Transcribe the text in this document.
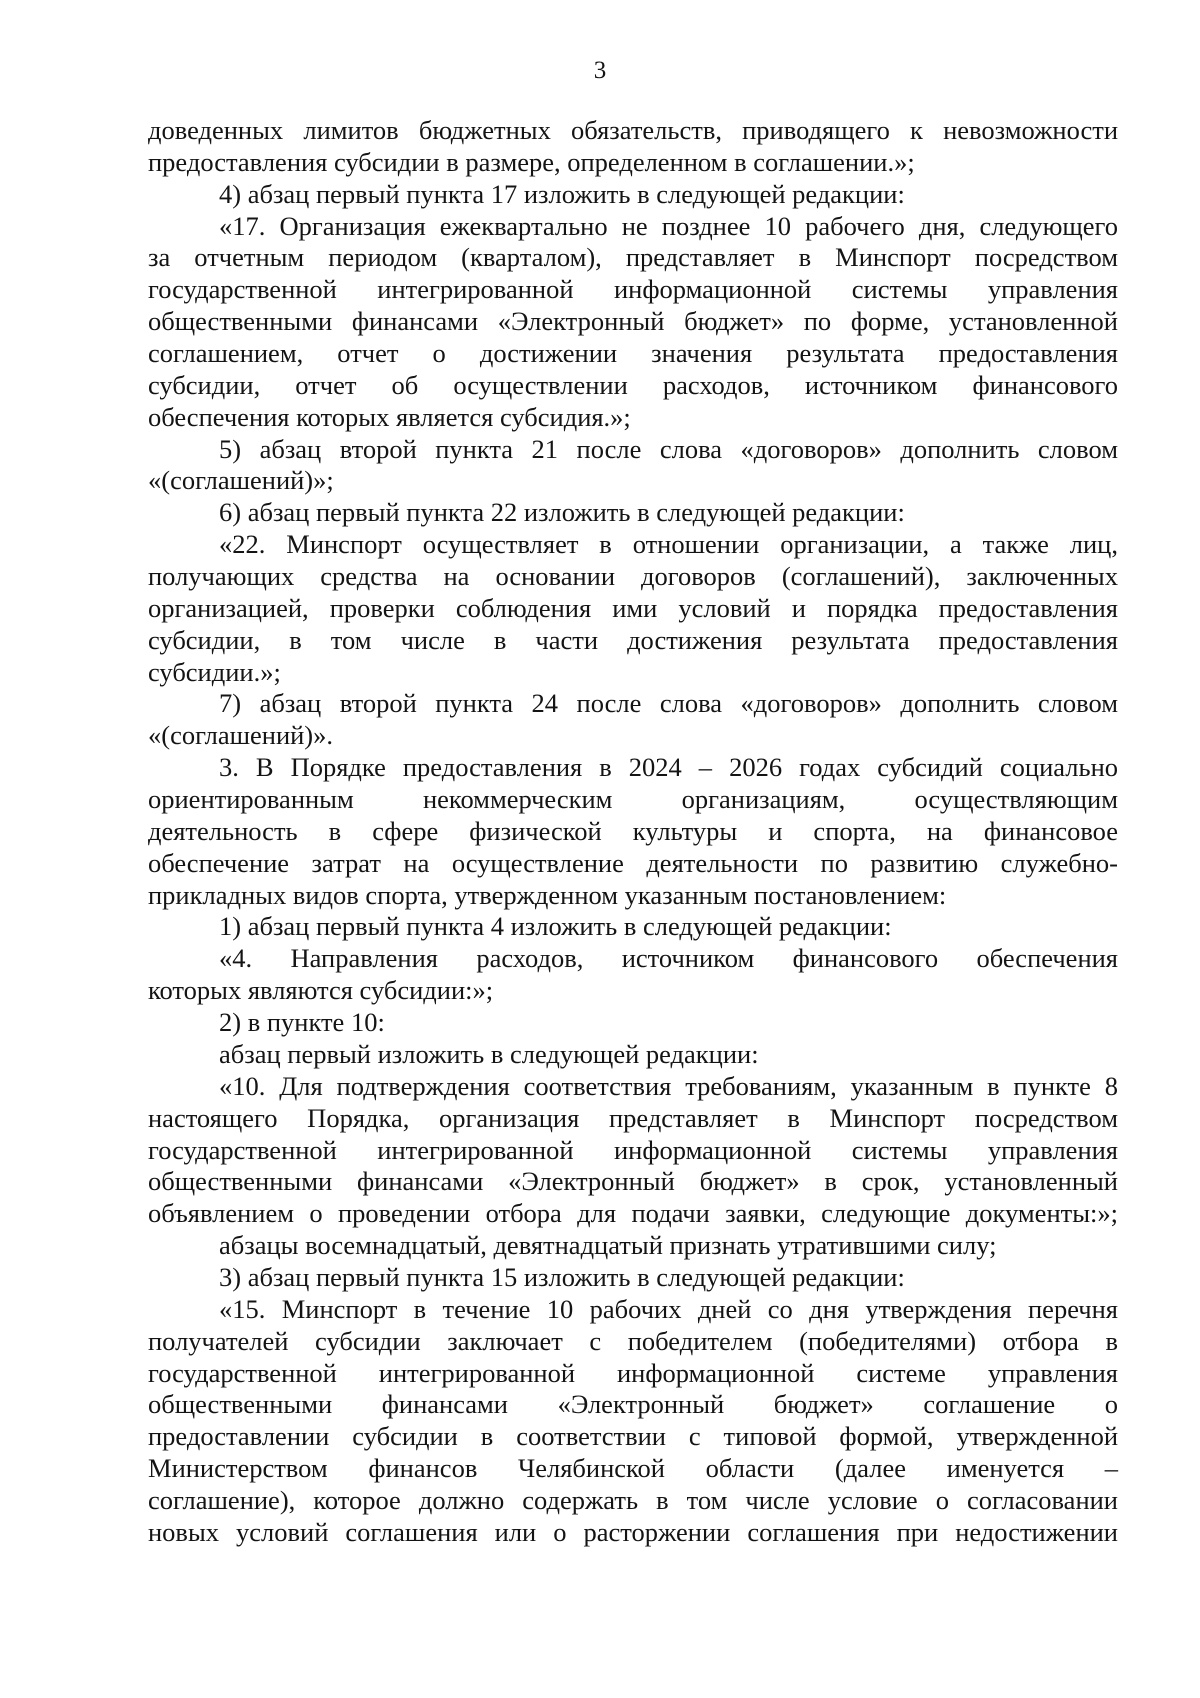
3
доведенных лимитов бюджетных обязательств, приводящего к невозможности
предоставления субсидии в размере, определенном в соглашении.»;
4) абзац первый пункта 17 изложить в следующей редакции:
«17. Организация ежеквартально не позднее 10 рабочего дня, следующего
за отчетным периодом (кварталом), представляет в Минспорт посредством
государственной интегрированной информационной системы управления
общественными финансами «Электронный бюджет» по форме, установленной
соглашением, отчет о достижении значения результата предоставления
субсидии, отчет об осуществлении расходов, источником финансового
обеспечения которых является субсидия.»;
5) абзац второй пункта 21 после слова «договоров» дополнить словом
«(соглашений)»;
6) абзац первый пункта 22 изложить в следующей редакции:
«22. Минспорт осуществляет в отношении организации, а также лиц,
получающих средства на основании договоров (соглашений), заключенных
организацией, проверки соблюдения ими условий и порядка предоставления
субсидии, в том числе в части достижения результата предоставления
субсидии.»;
7) абзац второй пункта 24 после слова «договоров» дополнить словом
«(соглашений)».
3. В Порядке предоставления в 2024 – 2026 годах субсидий социально
ориентированным некоммерческим организациям, осуществляющим
деятельность в сфере физической культуры и спорта, на финансовое
обеспечение затрат на осуществление деятельности по развитию служебно-
прикладных видов спорта, утвержденном указанным постановлением:
1) абзац первый пункта 4 изложить в следующей редакции:
«4. Направления расходов, источником финансового обеспечения
которых являются субсидии:»;
2) в пункте 10:
абзац первый изложить в следующей редакции:
«10. Для подтверждения соответствия требованиям, указанным в пункте 8
настоящего Порядка, организация представляет в Минспорт посредством
государственной интегрированной информационной системы управления
общественными финансами «Электронный бюджет» в срок, установленный
объявлением о проведении отбора для подачи заявки, следующие документы:»;
абзацы восемнадцатый, девятнадцатый признать утратившими силу;
3) абзац первый пункта 15 изложить в следующей редакции:
«15. Минспорт в течение 10 рабочих дней со дня утверждения перечня
получателей субсидии заключает с победителем (победителями) отбора в
государственной интегрированной информационной системе управления
общественными финансами «Электронный бюджет» соглашение о
предоставлении субсидии в соответствии с типовой формой, утвержденной
Министерством финансов Челябинской области (далее именуется –
соглашение), которое должно содержать в том числе условие о согласовании
новых условий соглашения или о расторжении соглашения при недостижении
